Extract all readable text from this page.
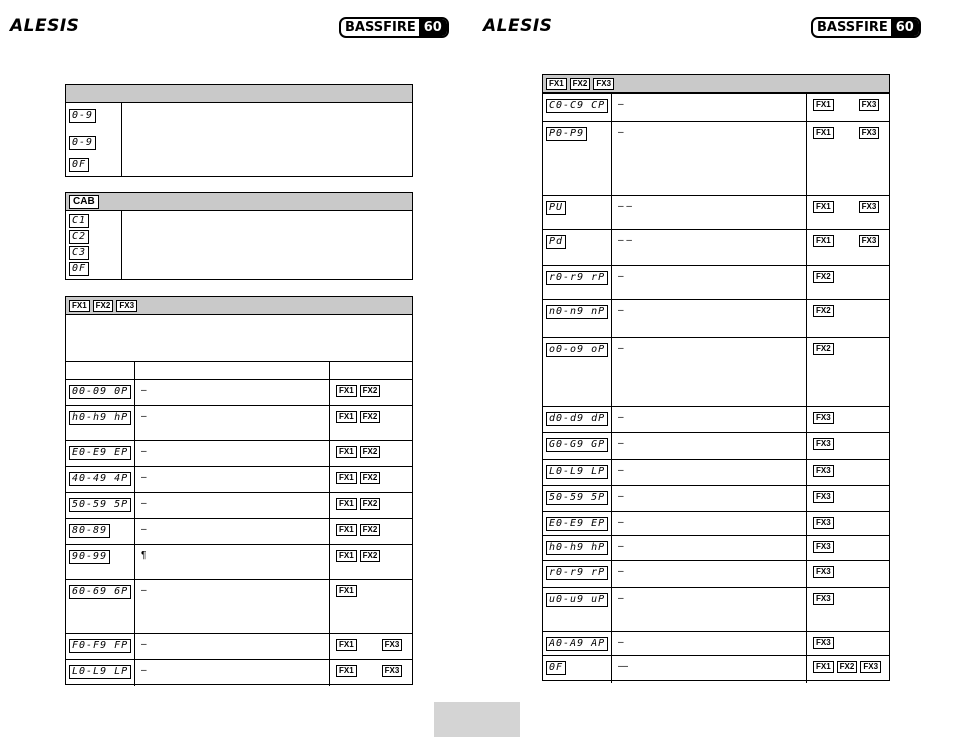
ALESIS	BASSFIRE 60 ALESIS	BASSFIRE 60
0-9
0-9
0F
CAB
C1
C2
C3
0F
FX1	FX2	FX3
00-09 0P	–	FX1	FX2
h0-h9 hP	–	FX1	FX2
E0-E9 EP	–	FX1	FX2
40-49 4P	–	FX1	FX2
50-59 5P	–	FX1	FX2
80-89	–	FX1	FX2
90-99	¶	FX1	FX2
60-69 6P	–	FX1
F0-F9 FP	–	FX1	FX3
L0-L9 LP	–	FX1	FX3
FX1	FX2	FX3
C0-C9 CP	–	FX1	FX3
P0-P9	–	FX1	FX3
PU	– –	FX1	FX3
Pd	– –	FX1	FX3
r0-r9 rP	–	FX2
n0-n9 nP	–	FX2
o0-o9 oP	–	FX2
d0-d9 dP	–	FX3
G0-G9 GP	–	FX3
L0-L9 LP	–	FX3
50-59 5P	–	FX3
E0-E9 EP	–	FX3
h0-h9 hP	–	FX3
r0-r9 rP	–	FX3
u0-u9 uP	–	FX3
A0-A9 AP	–	FX3
0F	—	FX1	FX2	FX3
